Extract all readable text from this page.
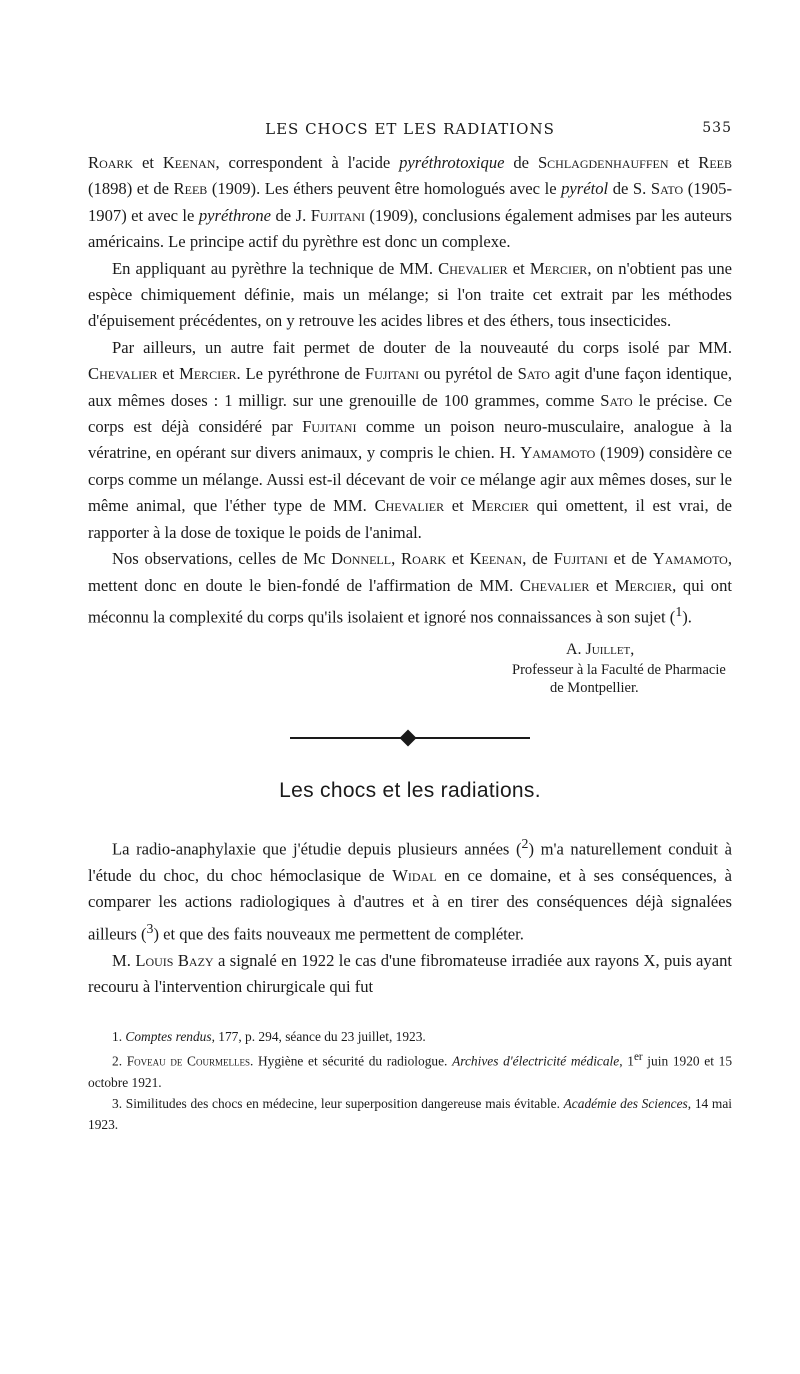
LES CHOCS ET LES RADIATIONS	535

Roark et Keenan, correspondent à l'acide pyréthrotoxique de Schlagdenhauffen et Reeb (1898) et de Reeb (1909). Les éthers peuvent être homologués avec le pyrétol de S. Sato (1905-1907) et avec le pyréthrone de J. Fujitani (1909), conclusions également admises par les auteurs américains. Le principe actif du pyrèthre est donc un complexe.

En appliquant au pyrèthre la technique de MM. Chevalier et Mercier, on n'obtient pas une espèce chimiquement définie, mais un mélange; si l'on traite cet extrait par les méthodes d'épuisement précédentes, on y retrouve les acides libres et des éthers, tous insecticides.

Par ailleurs, un autre fait permet de douter de la nouveauté du corps isolé par MM. Chevalier et Mercier. Le pyréthrone de Fujitani ou pyrétol de Sato agit d'une façon identique, aux mêmes doses : 1 milligr. sur une grenouille de 100 grammes, comme Sato le précise. Ce corps est déjà considéré par Fujitani comme un poison neuro-musculaire, analogue à la vératrine, en opérant sur divers animaux, y compris le chien. H. Yamamoto (1909) considère ce corps comme un mélange. Aussi est-il décevant de voir ce mélange agir aux mêmes doses, sur le même animal, que l'éther type de MM. Chevalier et Mercier qui omettent, il est vrai, de rapporter à la dose de toxique le poids de l'animal.

Nos observations, celles de Mc Donnell, Roark et Keenan, de Fujitani et de Yamamoto, mettent donc en doute le bien-fondé de l'affirmation de MM. Chevalier et Mercier, qui ont méconnu la complexité du corps qu'ils isolaient et ignoré nos connaissances à son sujet ($^1$).

A. Juillet,
Professeur à la Faculté de Pharmacie
de Montpellier.
Les chocs et les radiations.

La radio-anaphylaxie que j'étudie depuis plusieurs années ($^2$) m'a naturellement conduit à l'étude du choc, du choc hémoclasique de Widal en ce domaine, et à ses conséquences, à comparer les actions radiologiques à d'autres et à en tirer des conséquences déjà signalées ailleurs ($^3$) et que des faits nouveaux me permettent de compléter.

M. Louis Bazy a signalé en 1922 le cas d'une fibromateuse irradiée aux rayons X, puis ayant recouru à l'intervention chirurgicale qui fut

1. Comptes rendus, 177, p. 294, séance du 23 juillet, 1923.

2. Foveau de Courmelles. Hygiène et sécurité du radiologue. Archives d'électricité médicale, 1er juin 1920 et 15 octobre 1921.

3. Similitudes des chocs en médecine, leur superposition dangereuse mais évitable. Académie des Sciences, 14 mai 1923.
